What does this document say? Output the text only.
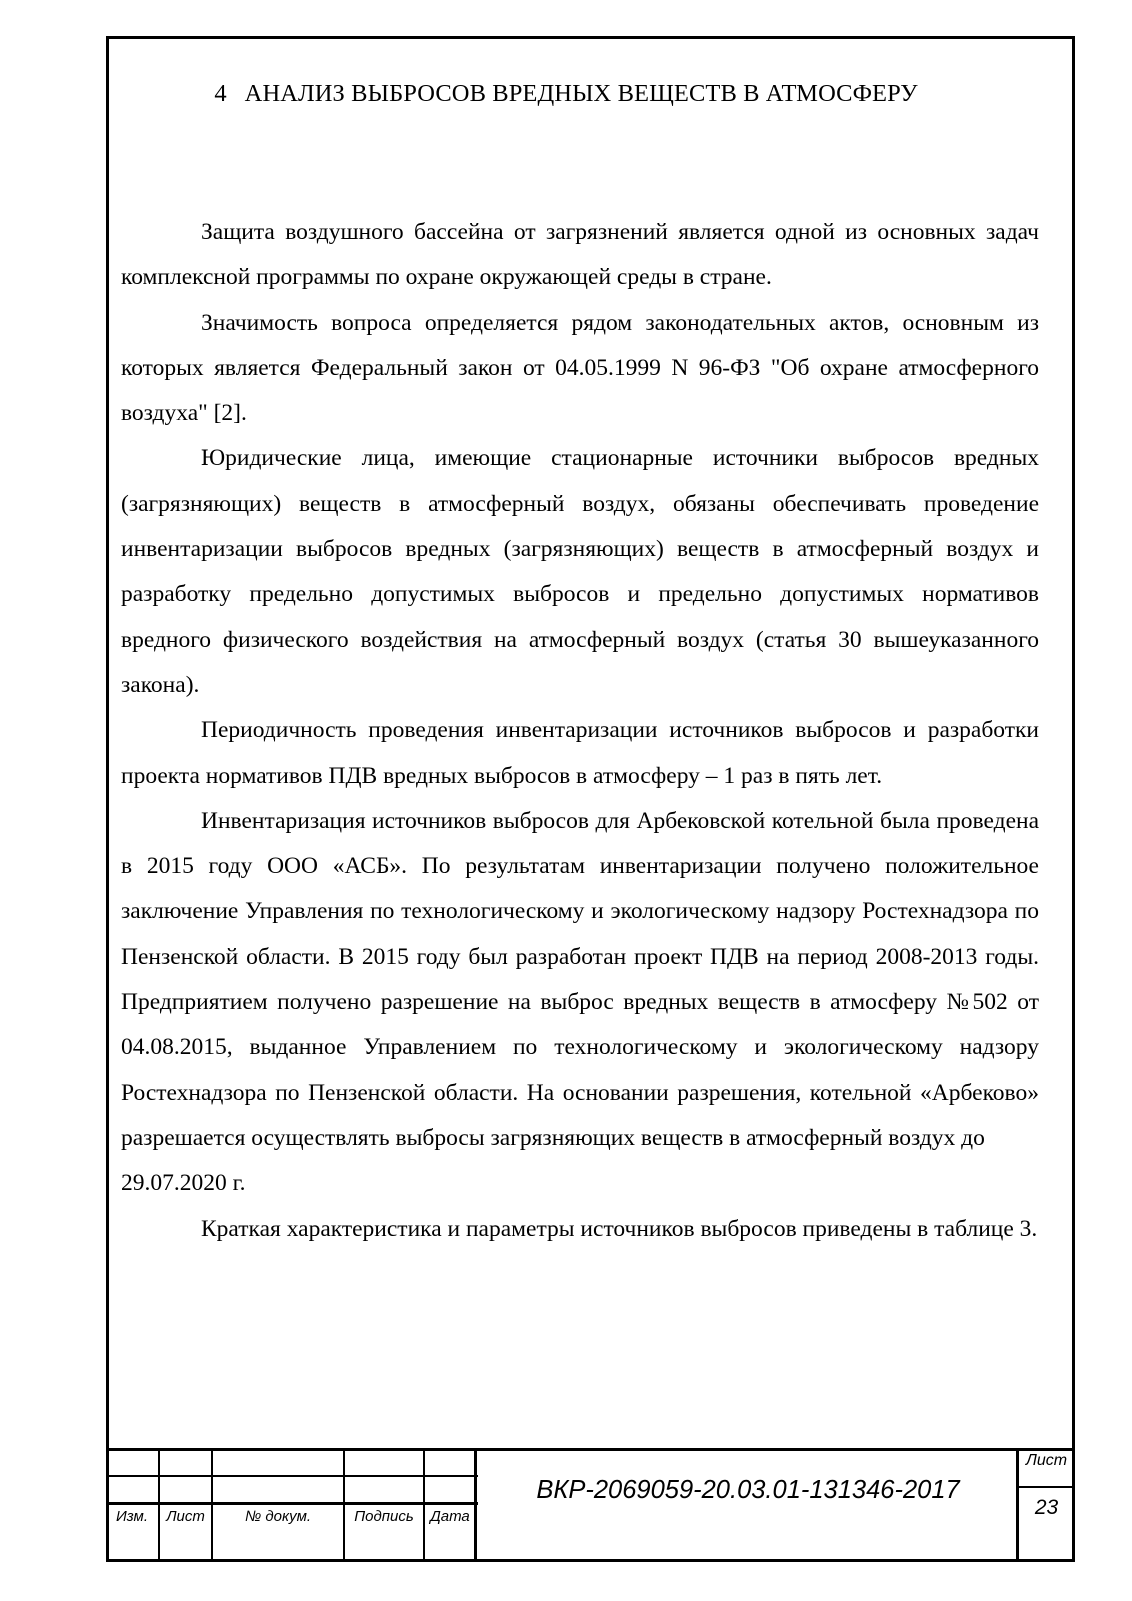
4 АНАЛИЗ ВЫБРОСОВ ВРЕДНЫХ ВЕЩЕСТВ В АТМОСФЕРУ

Защита воздушного бассейна от загрязнений является одной из основных задач комплексной программы по охране окружающей среды в стране.

Значимость вопроса определяется рядом законодательных актов, основным из которых является Федеральный закон от 04.05.1999 N 96-ФЗ "Об охране атмосферного воздуха" [2].

Юридические лица, имеющие стационарные источники выбросов вредных (загрязняющих) веществ в атмосферный воздух, обязаны обеспечивать проведение инвентаризации выбросов вредных (загрязняющих) веществ в атмосферный воздух и разработку предельно допустимых выбросов и предельно допустимых нормативов вредного физического воздействия на атмосферный воздух (статья 30 вышеуказанного закона).

Периодичность проведения инвентаризации источников выбросов и разработки проекта нормативов ПДВ вредных выбросов в атмосферу – 1 раз в пять лет.

Инвентаризация источников выбросов для Арбековской котельной была проведена в 2015 году ООО «АСБ». По результатам инвентаризации получено положительное заключение Управления по технологическому и экологическому надзору Ростехнадзора по Пензенской области. В 2015 году был разработан проект ПДВ на период 2008-2013 годы. Предприятием получено разрешение на выброс вредных веществ в атмосферу №502 от 04.08.2015, выданное Управлением по технологическому и экологическому надзору Ростехнадзора по Пензенской области. На основании разрешения, котельной «Арбеково» разрешается осуществлять выбросы загрязняющих веществ в атмосферный воздух до

29.07.2020 г.

Краткая характеристика и параметры источников выбросов приведены в таблице 3.

Изм.	Лист	№ докум.	Подпись	Дата
ВКР-2069059-20.03.01-131346-2017
Лист
23
